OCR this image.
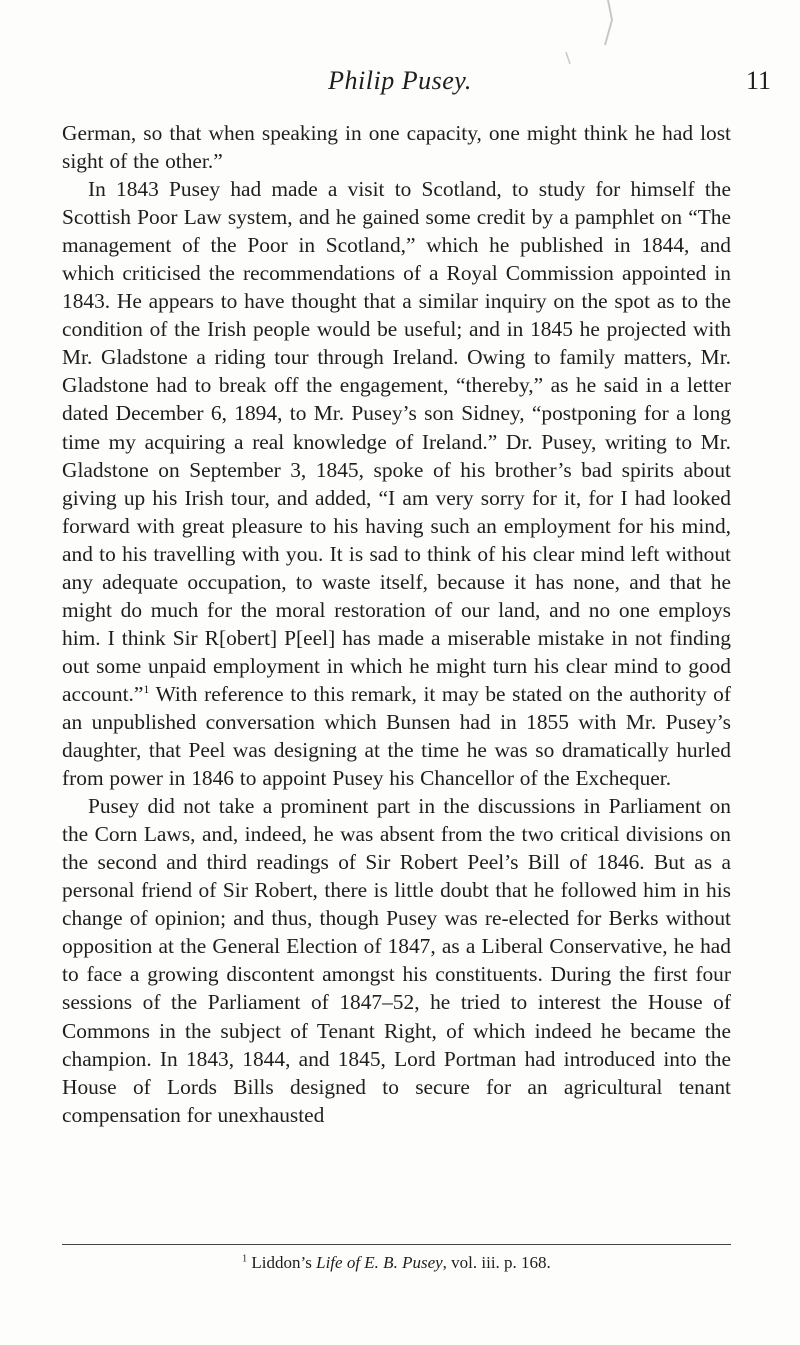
Philip Pusey.	11

German, so that when speaking in one capacity, one might think he had lost sight of the other.”

In 1843 Pusey had made a visit to Scotland, to study for himself the Scottish Poor Law system, and he gained some credit by a pamphlet on “The management of the Poor in Scotland,” which he published in 1844, and which criticised the recommendations of a Royal Commission appointed in 1843. He appears to have thought that a similar inquiry on the spot as to the condition of the Irish people would be useful; and in 1845 he projected with Mr. Gladstone a riding tour through Ireland. Owing to family matters, Mr. Gladstone had to break off the engagement, “thereby,” as he said in a letter dated December 6, 1894, to Mr. Pusey’s son Sidney, “postponing for a long time my acquiring a real knowledge of Ireland.” Dr. Pusey, writing to Mr. Gladstone on September 3, 1845, spoke of his brother’s bad spirits about giving up his Irish tour, and added, “I am very sorry for it, for I had looked forward with great pleasure to his having such an employment for his mind, and to his travelling with you. It is sad to think of his clear mind left without any adequate occupation, to waste itself, because it has none, and that he might do much for the moral restoration of our land, and no one employs him. I think Sir R[obert] P[eel] has made a miserable mistake in not finding out some unpaid employment in which he might turn his clear mind to good account.”$^1$ With reference to this remark, it may be stated on the authority of an unpublished conversation which Bunsen had in 1855 with Mr. Pusey’s daughter, that Peel was designing at the time he was so dramatically hurled from power in 1846 to appoint Pusey his Chancellor of the Exchequer.

Pusey did not take a prominent part in the discussions in Parliament on the Corn Laws, and, indeed, he was absent from the two critical divisions on the second and third readings of Sir Robert Peel’s Bill of 1846. But as a personal friend of Sir Robert, there is little doubt that he followed him in his change of opinion; and thus, though Pusey was re-elected for Berks without opposition at the General Election of 1847, as a Liberal Conservative, he had to face a growing discontent amongst his constituents. During the first four sessions of the Parliament of 1847–52, he tried to interest the House of Commons in the subject of Tenant Right, of which indeed he became the champion. In 1843, 1844, and 1845, Lord Portman had introduced into the House of Lords Bills designed to secure for an agricultural tenant compensation for unexhausted

$^1$ Liddon’s Life of E. B. Pusey, vol. iii. p. 168.
